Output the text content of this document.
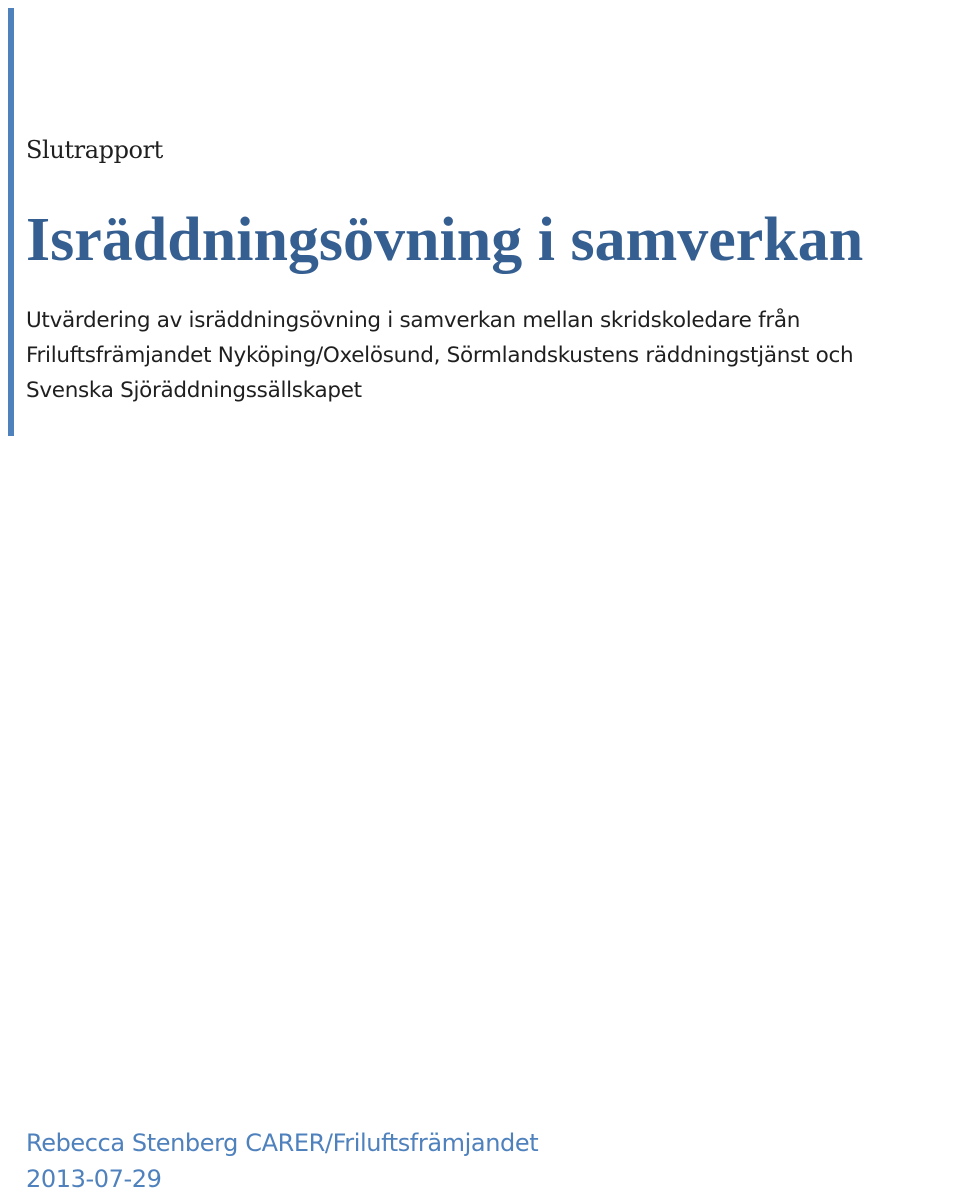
Slutrapport
Isräddningsövning i samverkan
Utvärdering av isräddningsövning i samverkan mellan skridskoledare från
Friluftsfrämjandet Nyköping/Oxelösund, Sörmlandskustens räddningstjänst och
Svenska Sjöräddningssällskapet
Rebecca Stenberg CARER/Friluftsfrämjandet
2013-07-29
